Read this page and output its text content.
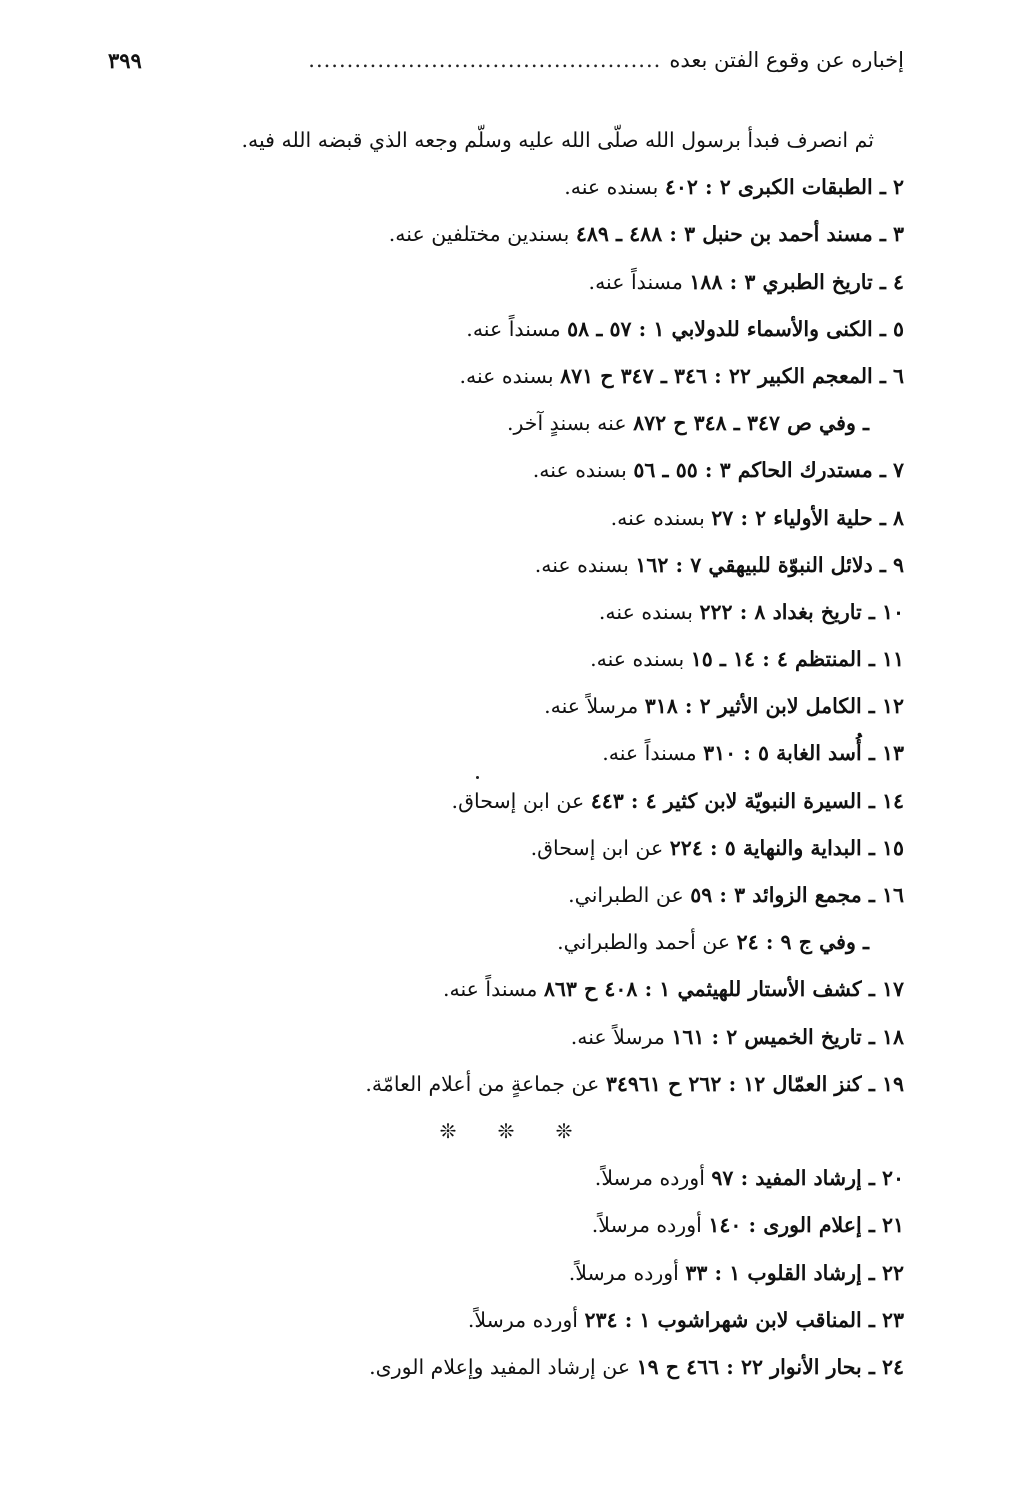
إخباره عن وقوع الفتن بعده
..............................................
٣٩٩
ثم انصرف فبدأ برسول الله صلّى الله عليه وسلّم وجعه الذي قبضه الله فيه.
٢ ـ الطبقات الكبرى ٢ : ٤٠٢ بسنده عنه.
٣ ـ مسند أحمد بن حنبل ٣ : ٤٨٨ ـ ٤٨٩ بسندين مختلفين عنه.
٤ ـ تاريخ الطبري ٣ : ١٨٨ مسنداً عنه.
٥ ـ الكنى والأسماء للدولابي ١ : ٥٧ ـ ٥٨ مسنداً عنه.
٦ ـ المعجم الكبير ٢٢ : ٣٤٦ ـ ٣٤٧ ح ٨٧١ بسنده عنه.
ـ وفي ص ٣٤٧ ـ ٣٤٨ ح ٨٧٢ عنه بسندٍ آخر.
٧ ـ مستدرك الحاكم ٣ : ٥٥ ـ ٥٦ بسنده عنه.
٨ ـ حلية الأولياء ٢ : ٢٧ بسنده عنه.
٩ ـ دلائل النبوّة للبيهقي ٧ : ١٦٢ بسنده عنه.
١٠ ـ تاريخ بغداد ٨ : ٢٢٢ بسنده عنه.
١١ ـ المنتظم ٤ : ١٤ ـ ١٥ بسنده عنه.
١٢ ـ الكامل لابن الأثير ٢ : ٣١٨ مرسلاً عنه.
١٣ ـ أُسد الغابة ٥ : ٣١٠ مسنداً عنه.
١٤ ـ السيرة النبويّة لابن كثير ٤ : ٤٤٣ عن ابن إسحاق.
١٥ ـ البداية والنهاية ٥ : ٢٢٤ عن ابن إسحاق.
١٦ ـ مجمع الزوائد ٣ : ٥٩ عن الطبراني.
ـ وفي ج ٩ : ٢٤ عن أحمد والطبراني.
١٧ ـ كشف الأستار للهيثمي ١ : ٤٠٨ ح ٨٦٣ مسنداً عنه.
١٨ ـ تاريخ الخميس ٢ : ١٦١ مرسلاً عنه.
١٩ ـ كنز العمّال ١٢ : ٢٦٢ ح ٣٤٩٦١ عن جماعةٍ من أعلام العامّة.
❊❊❊
٢٠ ـ إرشاد المفيد : ٩٧ أورده مرسلاً.
٢١ ـ إعلام الورى : ١٤٠ أورده مرسلاً.
٢٢ ـ إرشاد القلوب ١ : ٣٣ أورده مرسلاً.
٢٣ ـ المناقب لابن شهراشوب ١ : ٢٣٤ أورده مرسلاً.
٢٤ ـ بحار الأنوار ٢٢ : ٤٦٦ ح ١٩ عن إرشاد المفيد وإعلام الورى.
